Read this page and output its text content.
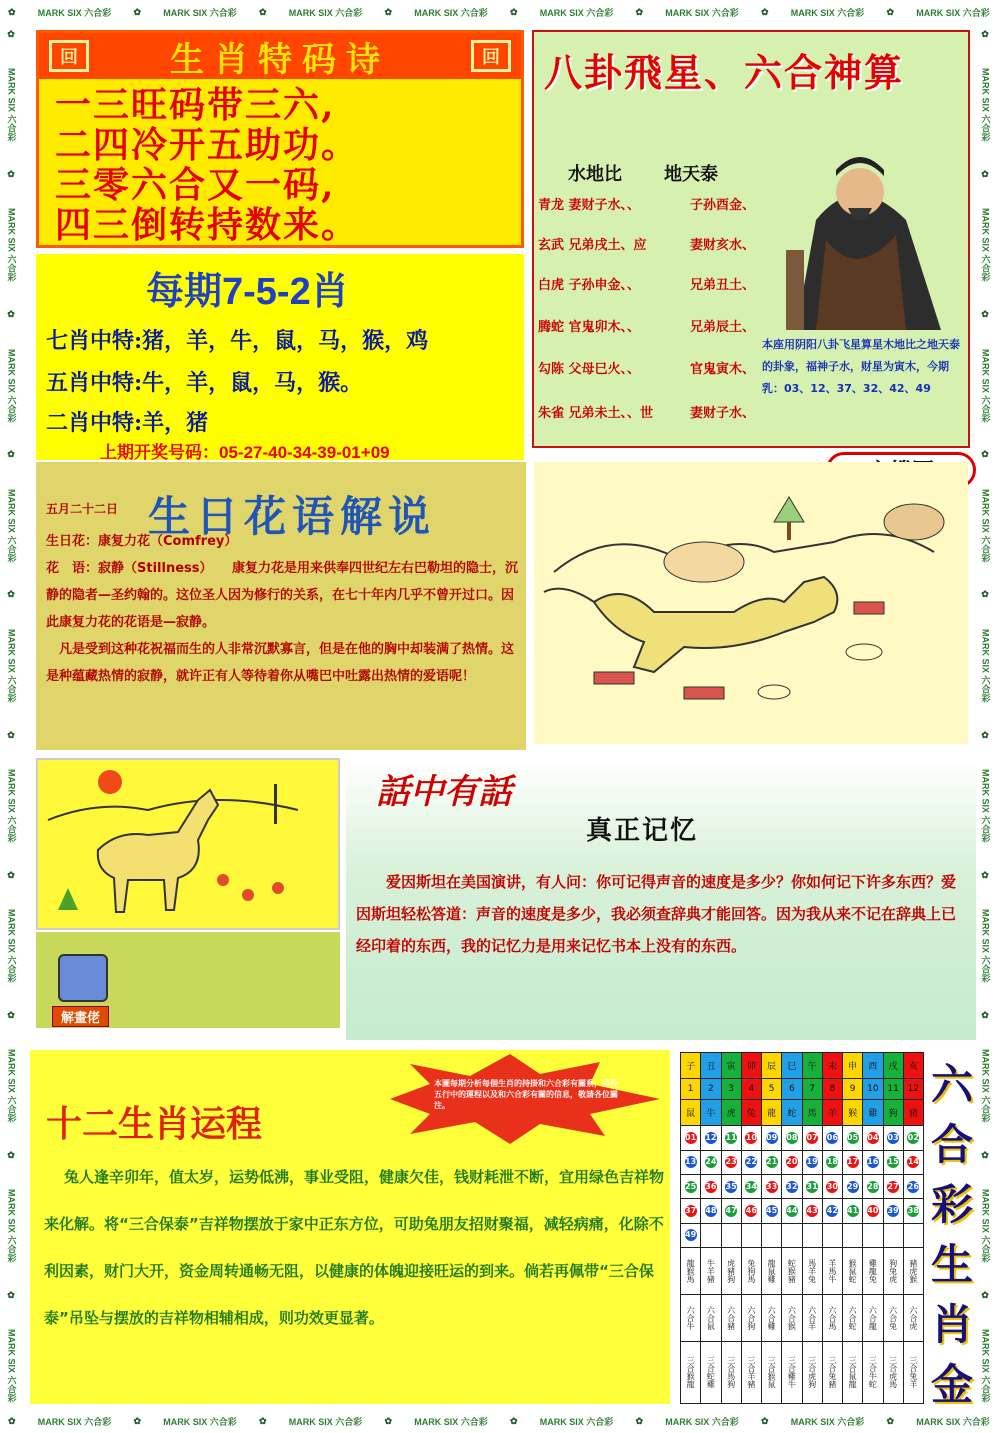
✿ MARK SIX 六合彩 ✿ MARK SIX 六合彩 ✿ MARK SIX 六合彩 ✿ MARK SIX 六合彩 ✿ MARK SIX 六合彩 ✿ MARK SIX 六合彩 ✿ MARK SIX 六合彩 ✿ MARK SIX 六合彩
✿ MARK SIX 六合彩 ✿ MARK SIX 六合彩 ✿ MARK SIX 六合彩 ✿ MARK SIX 六合彩 ✿ MARK SIX 六合彩 ✿ MARK SIX 六合彩 ✿ MARK SIX 六合彩 ✿ MARK SIX 六合彩
✿
MARK SIX 六合彩
✿
MARK SIX 六合彩
✿
MARK SIX 六合彩
✿
MARK SIX 六合彩
✿
MARK SIX 六合彩
✿
MARK SIX 六合彩
✿
MARK SIX 六合彩
✿
MARK SIX 六合彩
✿
MARK SIX 六合彩
✿
MARK SIX 六合彩
✿
MARK SIX 六合彩
✿
MARK SIX 六合彩
✿
MARK SIX 六合彩
✿
MARK SIX 六合彩
✿
MARK SIX 六合彩
✿
MARK SIX 六合彩
✿
MARK SIX 六合彩
✿
MARK SIX 六合彩
✿
MARK SIX 六合彩
✿
MARK SIX 六合彩
回	生肖特码诗	回
一三旺码带三六,
二四冷开五助功。
三零六合又一码,
四三倒转持数来。
八卦飛星、六合神算
水地比 地天泰
青龙 妻财子水、、	子孙酉金、
玄武 兄弟戌土、应	妻财亥水、
白虎 子孙申金、、	兄弟丑土、
腾蛇 官鬼卯木、、	兄弟辰土、
勾陈 父母巳火、、	官鬼寅木、
朱雀 兄弟未土、、世	妻财子水、
本座用阴阳八卦飞星算星木地比之地天泰的卦象，福神子水，财星为寅木，今期乳：03、12、37、32、42、49
每期7-5-2肖
七肖中特:猪，羊，牛，鼠，马，猴，鸡
五肖中特:牛，羊，鼠，马，猴。
二肖中特:羊，猪
上期开奖号码：05-27-40-34-39-01+09
五月二十二日 生日花语解说

生日花：康复力花（Comfrey）

花　语：寂静（Stillness）　　康复力花是用来供奉四世纪左右巴勒坦的隐士，沉静的隐者—圣约翰的。这位圣人因为修行的关系，在七十年内几乎不曾开过口。因此康复力花的花语是—寂静。

　凡是受到这种花祝福而生的人非常沉默寡言，但是在他的胸中却装满了热情。这是种蕴藏热情的寂静，就许正有人等待着你从嘴巴中吐露出热情的爱语呢！

解畫佬
話中有話
真正记忆
爱因斯坦在美国演讲，有人问：你可记得声音的速度是多少？你如何记下许多东西？爱因斯坦轻松答道：声音的速度是多少，我必须查辞典才能回答。因为我从来不记在辞典上已经印着的东西，我的记忆力是用来记忆书本上没有的东西。
本圖每期分析每個生肖的持掛和六合彩有關系，另外五行中的運程以及和六合彩有關的信息，敬請各位關注。
十二生肖运程
兔人逢辛卯年，值太岁，运势低沸，事业受阻，健康欠佳，钱财耗泄不断，宜用绿色吉祥物来化解。将“三合保泰”吉祥物摆放于家中正东方位，可助兔朋友招财聚福，减轻病痛，化除不利因素，财门大开，资金周转通畅无阻，以健康的体魄迎接旺运的到来。倘若再佩带“三合保泰”吊坠与摆放的吉祥物相辅相成，则功效更显著。
子	丑	寅	卯	辰	巳	午	未	申	酉	戌	亥
1	2	3	4	5	6	7	8	9	10	11	12
鼠	牛	虎	兔	龍	蛇	馬	羊	猴	雞	狗	豬
01	12	11	10	09	08	07	06	05	04	03	02
13	24	23	22	21	20	19	18	17	16	15	14
25	36	35	34	33	32	31	30	29	28	27	26
37	48	47	46	45	44	43	42	41	40	39	38
49											

龍猴馬	牛羊豬	虎豬狗	兔狗馬	龍鼠雞	蛇猴豬	馬羊兔	羊馬牛	猴鼠蛇	雞龍兔	狗兔虎	豬虎猴

六合牛	六合鼠	六合豬	六合狗	六合雞	六合猴	六合羊	六合馬	六合蛇	六合龍	六合兔	六合虎

三合猴龍	三合蛇雞	三合馬狗	三合羊豬	三合猴鼠	三合雞牛	三合虎狗	三合兔豬	三合鼠龍	三合牛蛇	三合虎馬	三合兔羊
六
合
彩
生
肖
金
